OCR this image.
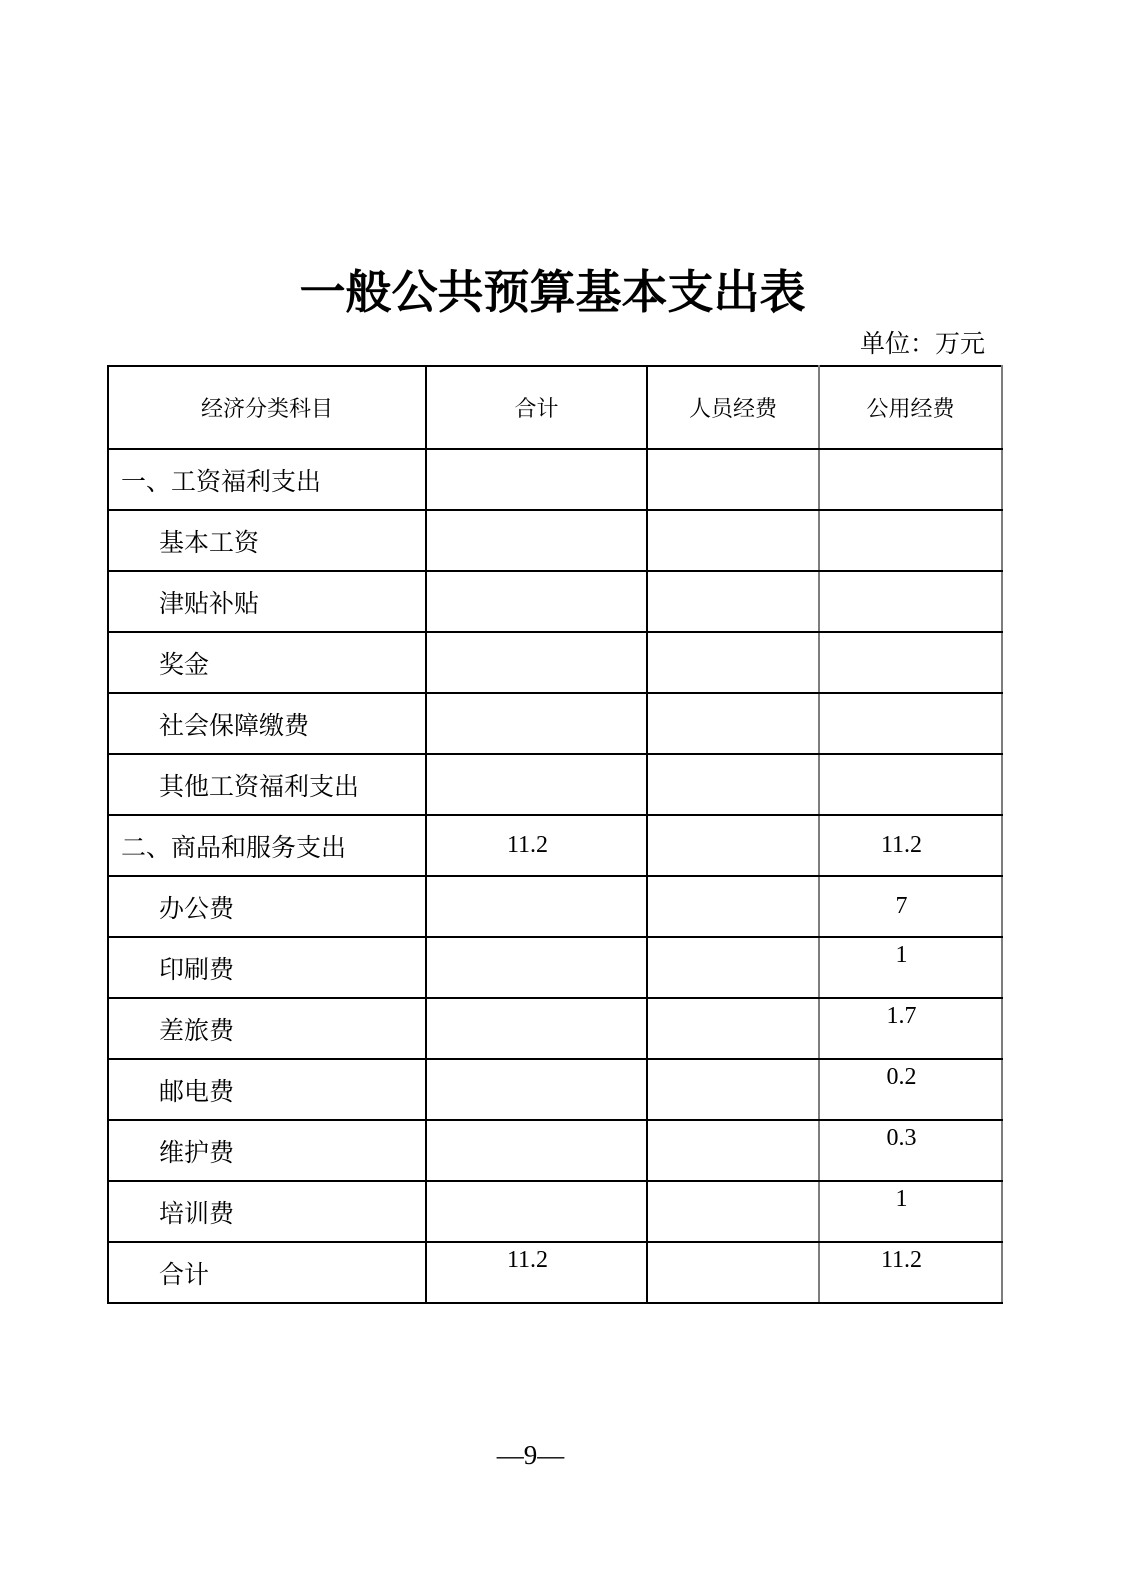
一般公共预算基本支出表
单位：万元
经济分类科目	合计	人员经费	公用经费
一、工资福利支出			
基本工资			
津贴补贴			
奖金			
社会保障缴费			
其他工资福利支出			
二、商品和服务支出	11.2		11.2
办公费			7
印刷费			1
差旅费			1.7
邮电费			0.2
维护费			0.3
培训费			1
合计	11.2		11.2
—9—
